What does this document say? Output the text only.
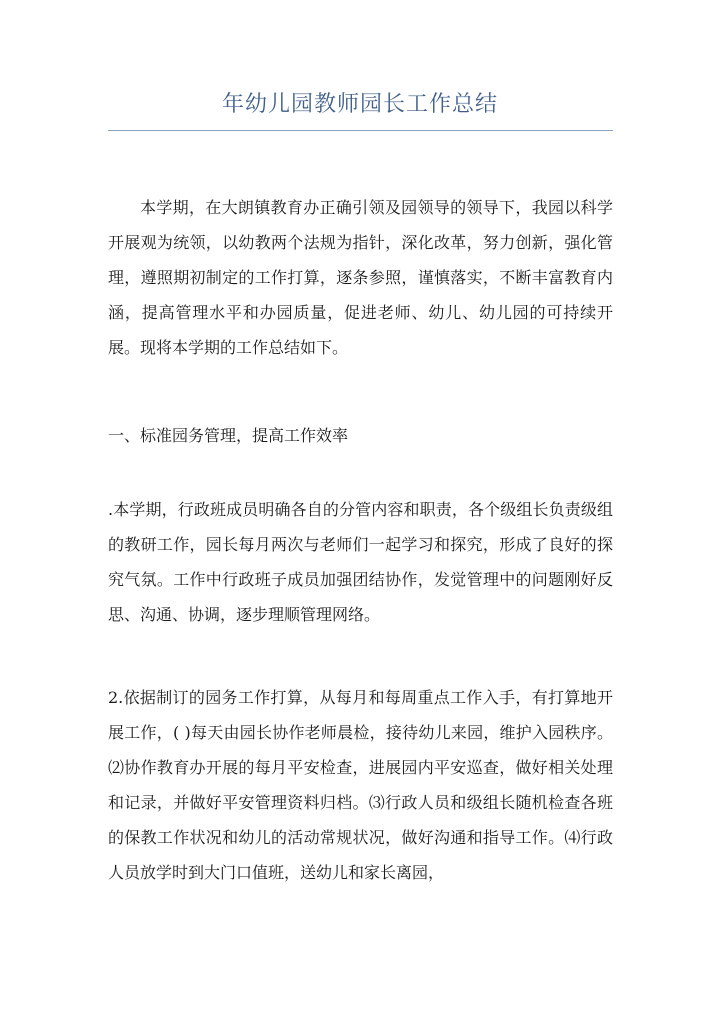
年幼儿园教师园长工作总结

本学期，在大朗镇教育办正确引领及园领导的领导下，我园以科学开展观为统领，以幼教两个法规为指针，深化改革，努力创新，强化管理，遵照期初制定的工作打算，逐条参照，谨慎落实，不断丰富教育内涵，提高管理水平和办园质量，促进老师、幼儿、幼儿园的可持续开展。现将本学期的工作总结如下。

一、标准园务管理，提高工作效率

.本学期，行政班成员明确各自的分管内容和职责，各个级组长负责级组的教研工作，园长每月两次与老师们一起学习和探究，形成了良好的探究气氛。工作中行政班子成员加强团结协作，发觉管理中的问题刚好反思、沟通、协调，逐步理顺管理网络。

2.依据制订的园务工作打算，从每月和每周重点工作入手，有打算地开展工作，( )每天由园长协作老师晨检，接待幼儿来园，维护入园秩序。⑵协作教育办开展的每月平安检查，进展园内平安巡查，做好相关处理和记录，并做好平安管理资料归档。⑶行政人员和级组长随机检查各班的保教工作状况和幼儿的活动常规状况，做好沟通和指导工作。⑷行政人员放学时到大门口值班，送幼儿和家长离园，
